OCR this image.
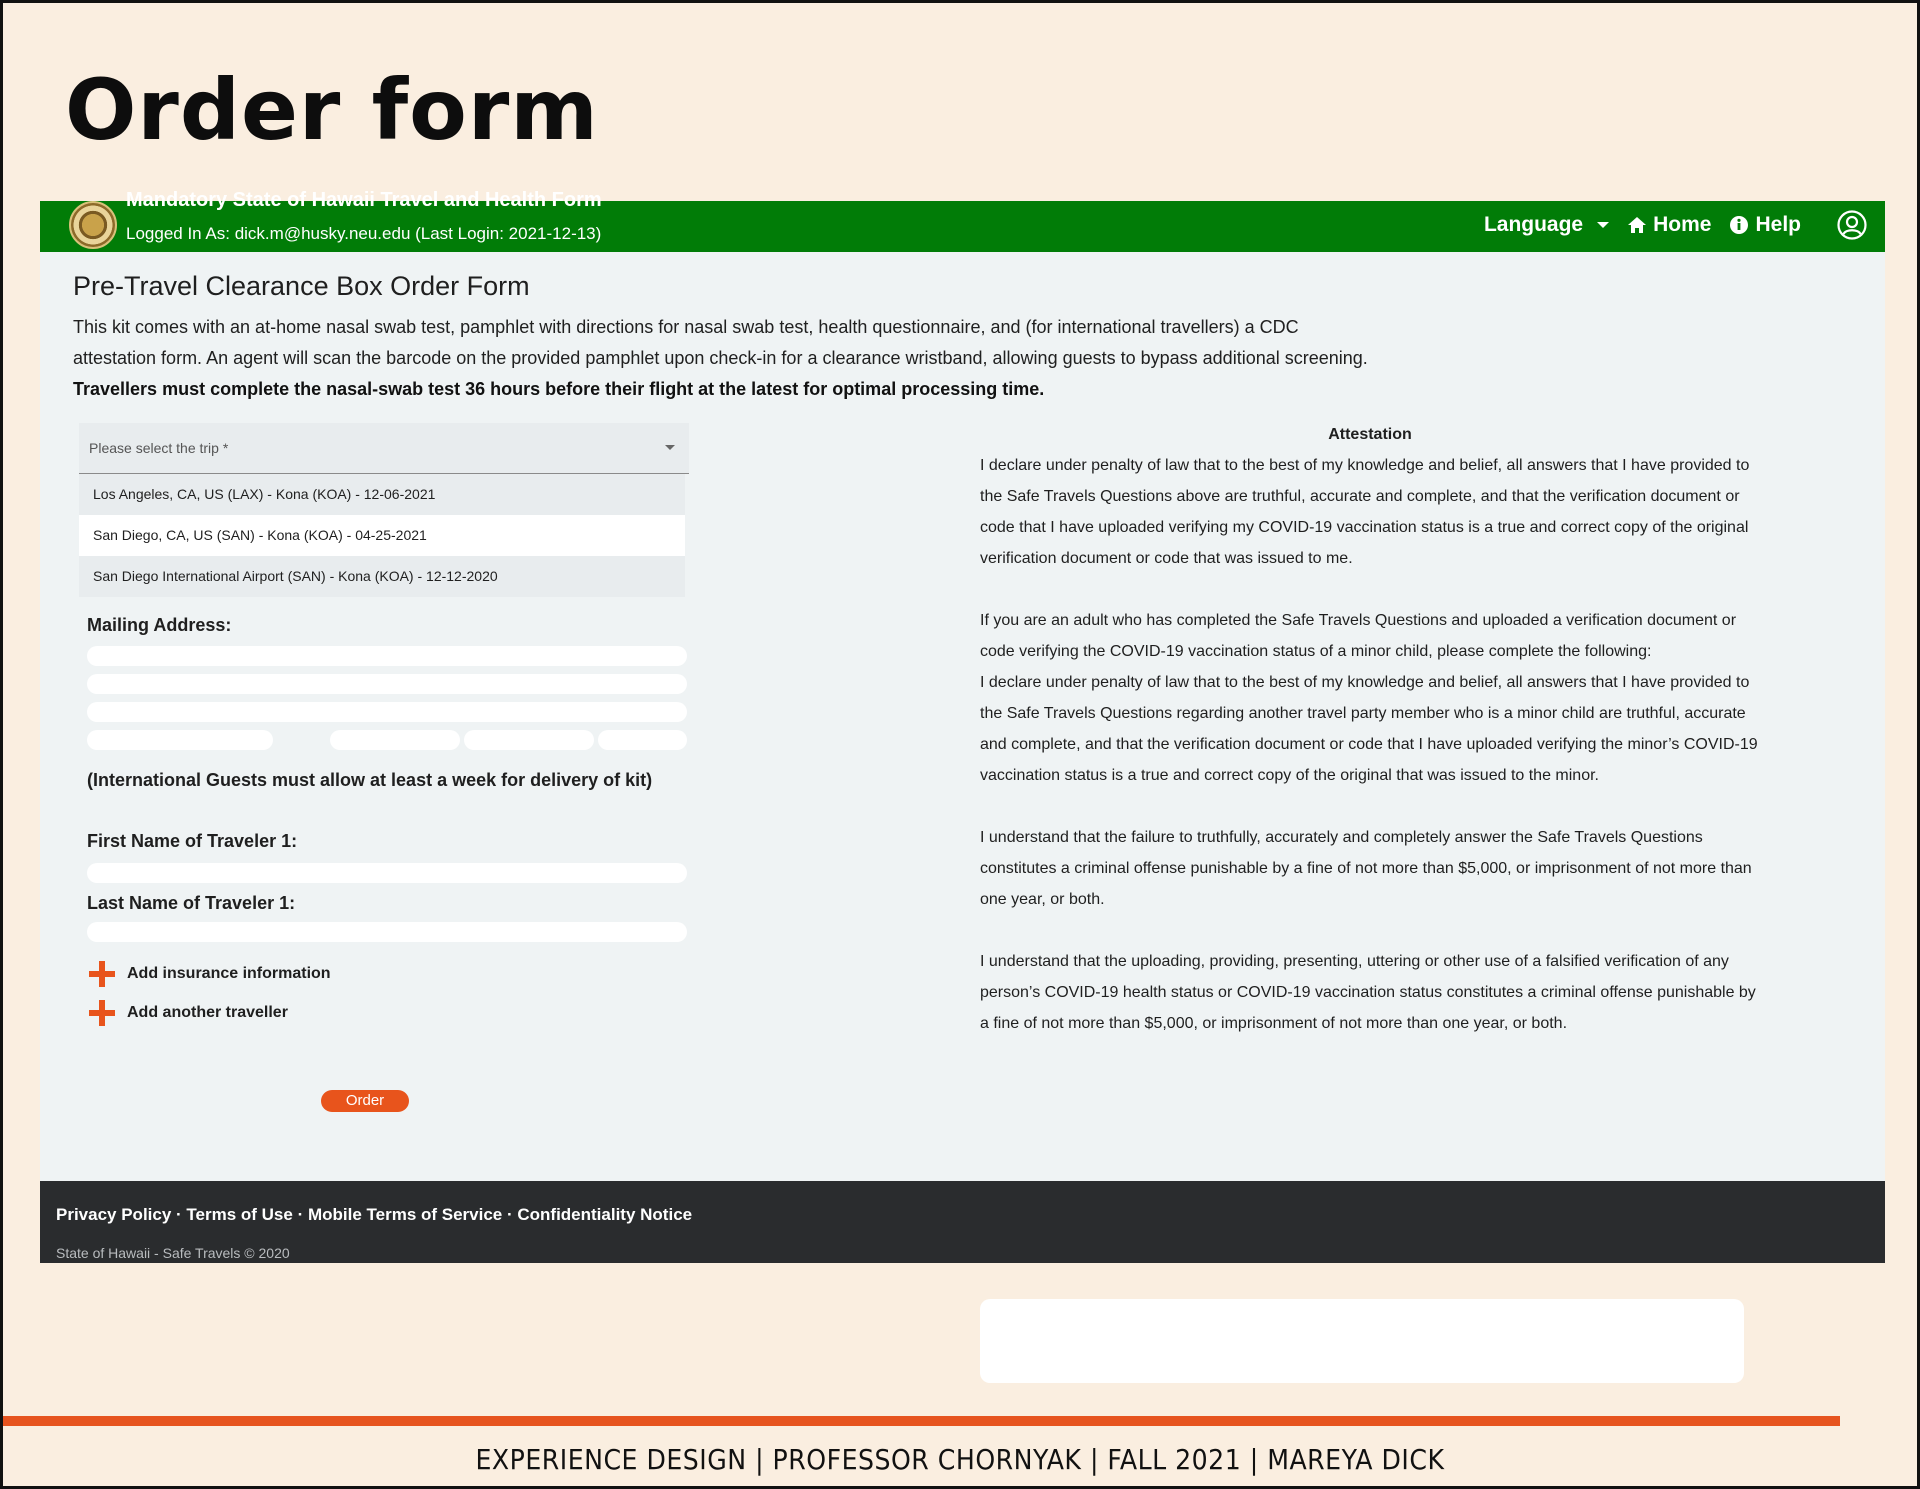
Order form
Mandatory State of Hawaii Travel and Health Form
Logged In As: dick.m@husky.neu.edu (Last Login: 2021-12-13)	Language	Home Help
Pre-Travel Clearance Box Order Form

This kit comes with an at-home nasal swab test, pamphlet with directions for nasal swab test, health questionnaire, and (for international travellers) a CDC

attestation form. An agent will scan the barcode on the provided pamphlet upon check-in for a clearance wristband, allowing guests to bypass additional screening.

Travellers must complete the nasal-swab test 36 hours before their flight at the latest for optimal processing time.

Please select the trip *
Los Angeles, CA, US (LAX) - Kona (KOA) - 12-06-2021
San Diego, CA, US (SAN) - Kona (KOA) - 04-25-2021
San Diego International Airport (SAN) - Kona (KOA) - 12-12-2020

Mailing Address:

(International Guests must allow at least a week for delivery of kit)

First Name of Traveler 1:

Last Name of Traveler 1:

Add insurance information
Add another traveller
Order

Attestation

I declare under penalty of law that to the best of my knowledge and belief, all answers that I have provided to the Safe Travels Questions above are truthful, accurate and complete, and that the verification document or code that I have uploaded verifying my COVID-19 vaccination status is a true and correct copy of the original verification document or code that was issued to me.

If you are an adult who has completed the Safe Travels Questions and uploaded a verification document or code verifying the COVID-19 vaccination status of a minor child, please complete the following:

I declare under penalty of law that to the best of my knowledge and belief, all answers that I have provided to the Safe Travels Questions regarding another travel party member who is a minor child are truthful, accurate and complete, and that the verification document or code that I have uploaded verifying the minor’s COVID-19 vaccination status is a true and correct copy of the original that was issued to the minor.

I understand that the failure to truthfully, accurately and completely answer the Safe Travels Questions constitutes a criminal offense punishable by a fine of not more than $5,000, or imprisonment of not more than one year, or both.

I understand that the uploading, providing, presenting, uttering or other use of a falsified verification of any person’s COVID-19 health status or COVID-19 vaccination status constitutes a criminal offense punishable by a fine of not more than $5,000, or imprisonment of not more than one year, or both.

Privacy Policy · Terms of Use · Mobile Terms of Service · Confidentiality Notice
State of Hawaii - Safe Travels © 2020
EXPERIENCE DESIGN | PROFESSOR CHORNYAK | FALL 2021 | MAREYA DICK
